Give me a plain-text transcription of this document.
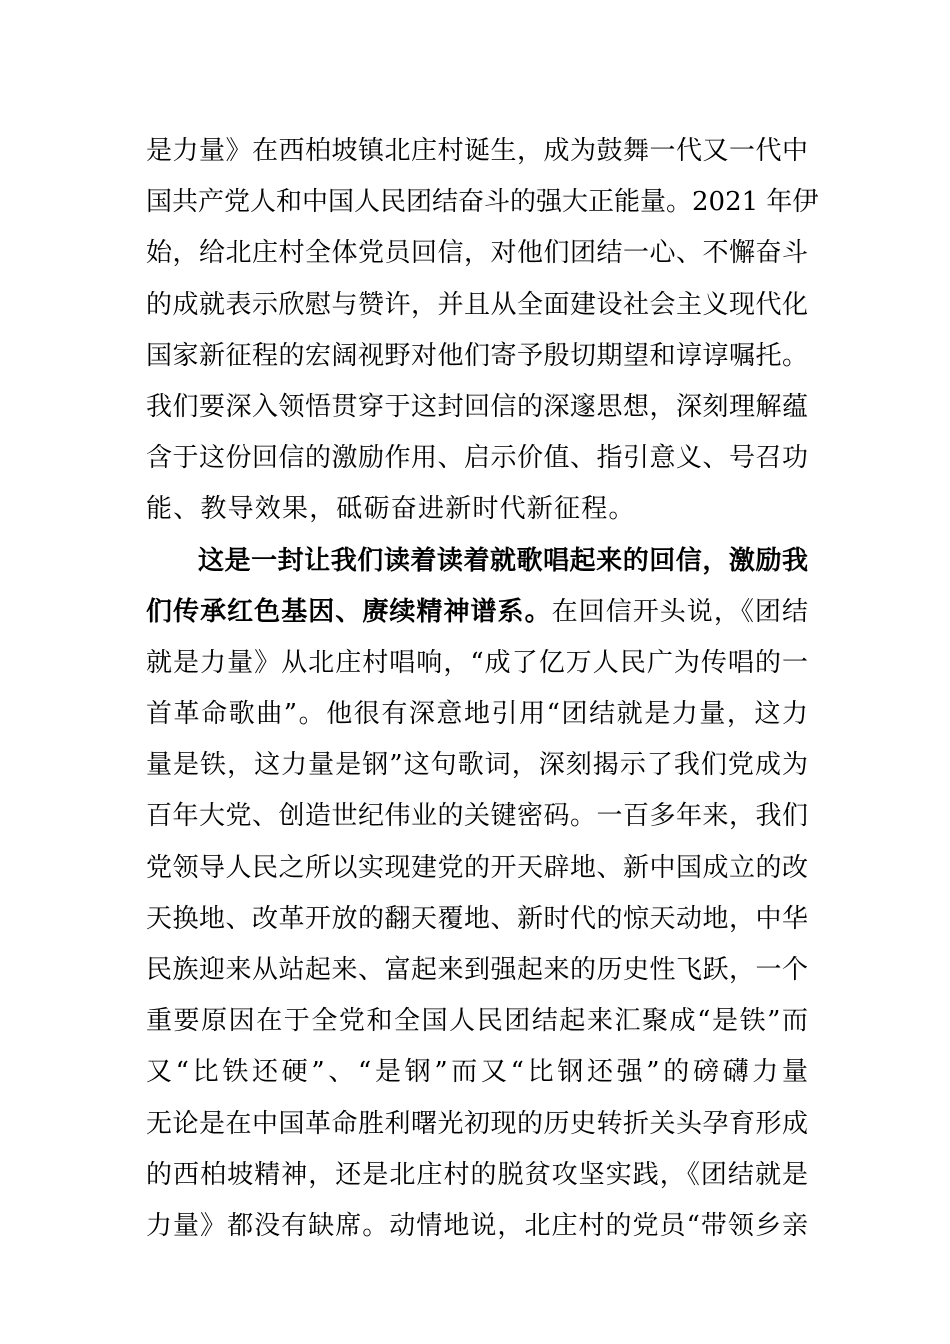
是力量》在西柏坡镇北庄村诞生，成为鼓舞一代又一代中
国共产党人和中国人民团结奋斗的强大正能量。2021 年伊
始，给北庄村全体党员回信，对他们团结一心、不懈奋斗
的成就表示欣慰与赞许，并且从全面建设社会主义现代化
国家新征程的宏阔视野对他们寄予殷切期望和谆谆嘱托。
我们要深入领悟贯穿于这封回信的深邃思想，深刻理解蕴
含于这份回信的激励作用、启示价值、指引意义、号召功
能、教导效果，砥砺奋进新时代新征程。
这是一封让我们读着读着就歌唱起来的回信，激励我
们传承红色基因、赓续精神谱系。在回信开头说，《团结
就是力量》从北庄村唱响，“成了亿万人民广为传唱的一
首革命歌曲”。他很有深意地引用“团结就是力量，这力
量是铁，这力量是钢”这句歌词，深刻揭示了我们党成为
百年大党、创造世纪伟业的关键密码。一百多年来，我们
党领导人民之所以实现建党的开天辟地、新中国成立的改
天换地、改革开放的翻天覆地、新时代的惊天动地，中华
民族迎来从站起来、富起来到强起来的历史性飞跃，一个
重要原因在于全党和全国人民团结起来汇聚成“是铁”而
又“比铁还硬”、“是钢”而又“比钢还强”的磅礴力量
无论是在中国革命胜利曙光初现的历史转折关头孕育形成
的西柏坡精神，还是北庄村的脱贫攻坚实践，《团结就是
力量》都没有缺席。动情地说，北庄村的党员“带领乡亲
